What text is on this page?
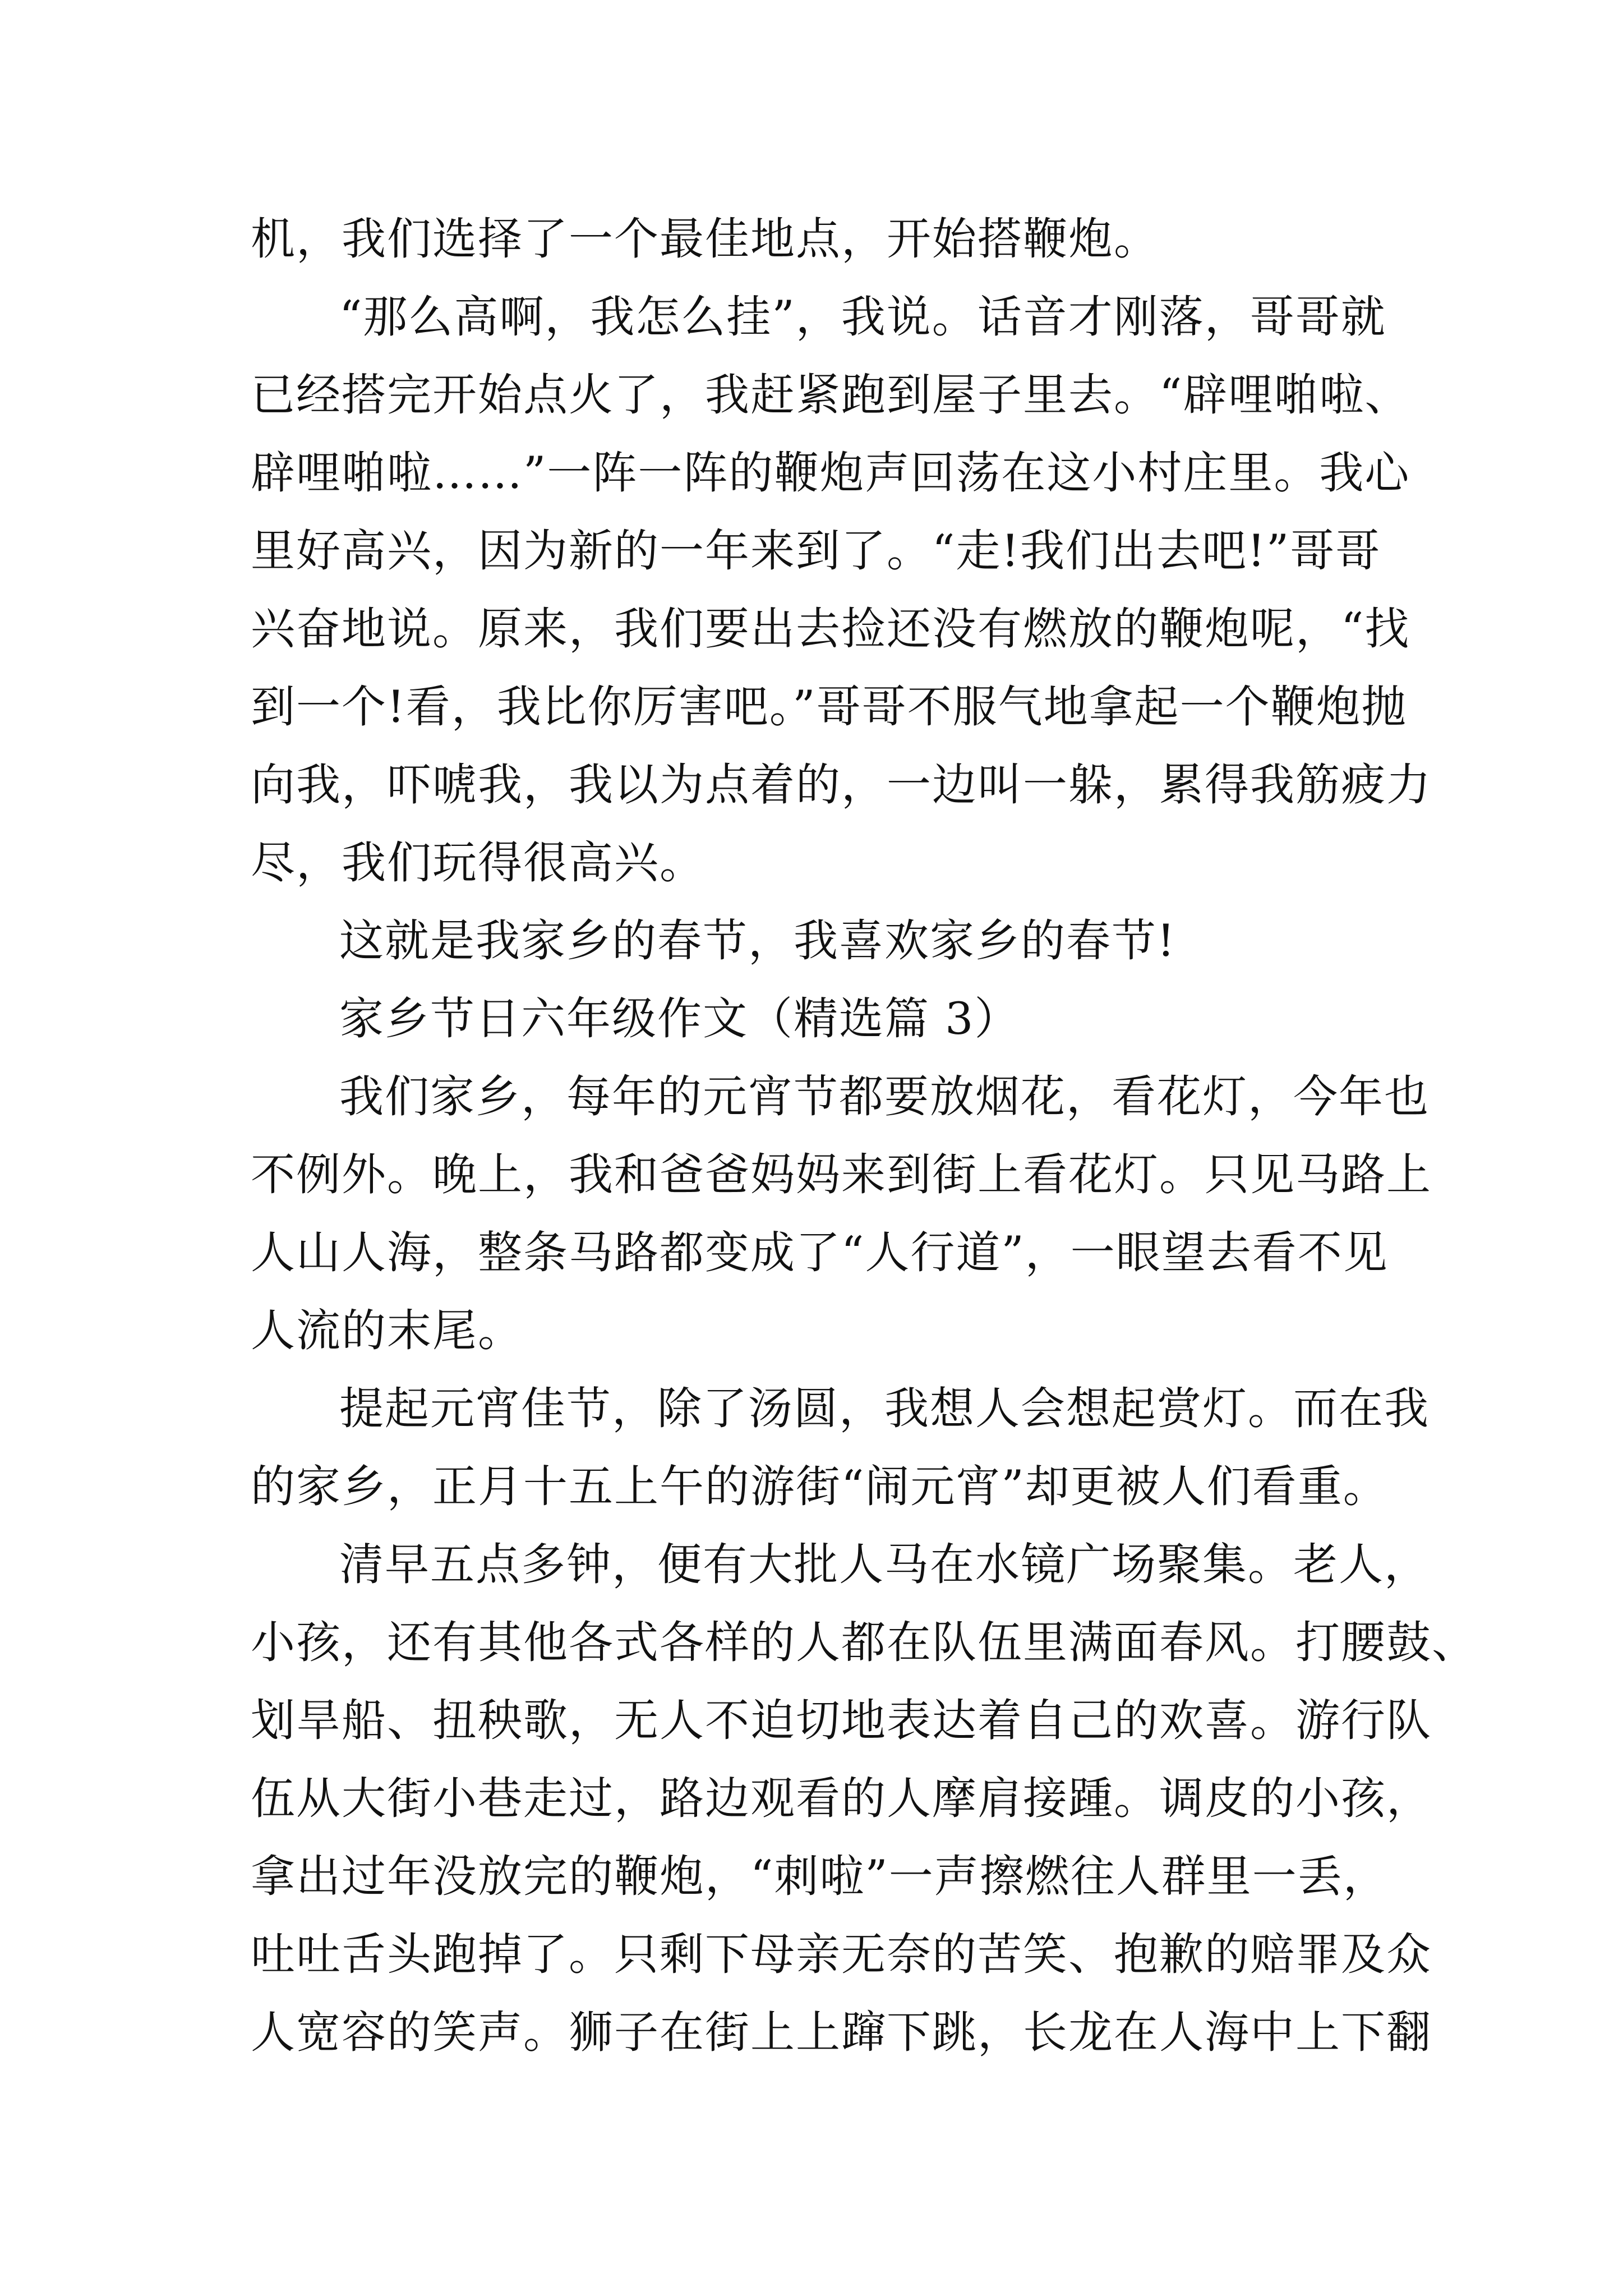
机，我们选择了一个最佳地点，开始搭鞭炮。
“那么高啊，我怎么挂”，我说。话音才刚落，哥哥就
已经搭完开始点火了，我赶紧跑到屋子里去。“辟哩啪啦、
辟哩啪啦……”一阵一阵的鞭炮声回荡在这小村庄里。我心
里好高兴，因为新的一年来到了。“走!我们出去吧!”哥哥
兴奋地说。原来，我们要出去捡还没有燃放的鞭炮呢，“找
到一个!看，我比你厉害吧。”哥哥不服气地拿起一个鞭炮抛
向我，吓唬我，我以为点着的，一边叫一躲，累得我筋疲力
尽，我们玩得很高兴。
这就是我家乡的春节，我喜欢家乡的春节!
家乡节日六年级作文（精选篇 3）
我们家乡，每年的元宵节都要放烟花，看花灯，今年也
不例外。晚上，我和爸爸妈妈来到街上看花灯。只见马路上
人山人海，整条马路都变成了“人行道”，一眼望去看不见
人流的末尾。
提起元宵佳节，除了汤圆，我想人会想起赏灯。而在我
的家乡，正月十五上午的游街“闹元宵”却更被人们看重。
清早五点多钟，便有大批人马在水镜广场聚集。老人，
小孩，还有其他各式各样的人都在队伍里满面春风。打腰鼓、
划旱船、扭秧歌，无人不迫切地表达着自己的欢喜。游行队
伍从大街小巷走过，路边观看的人摩肩接踵。调皮的小孩，
拿出过年没放完的鞭炮，“刺啦”一声擦燃往人群里一丢，
吐吐舌头跑掉了。只剩下母亲无奈的苦笑、抱歉的赔罪及众
人宽容的笑声。狮子在街上上蹿下跳，长龙在人海中上下翻
